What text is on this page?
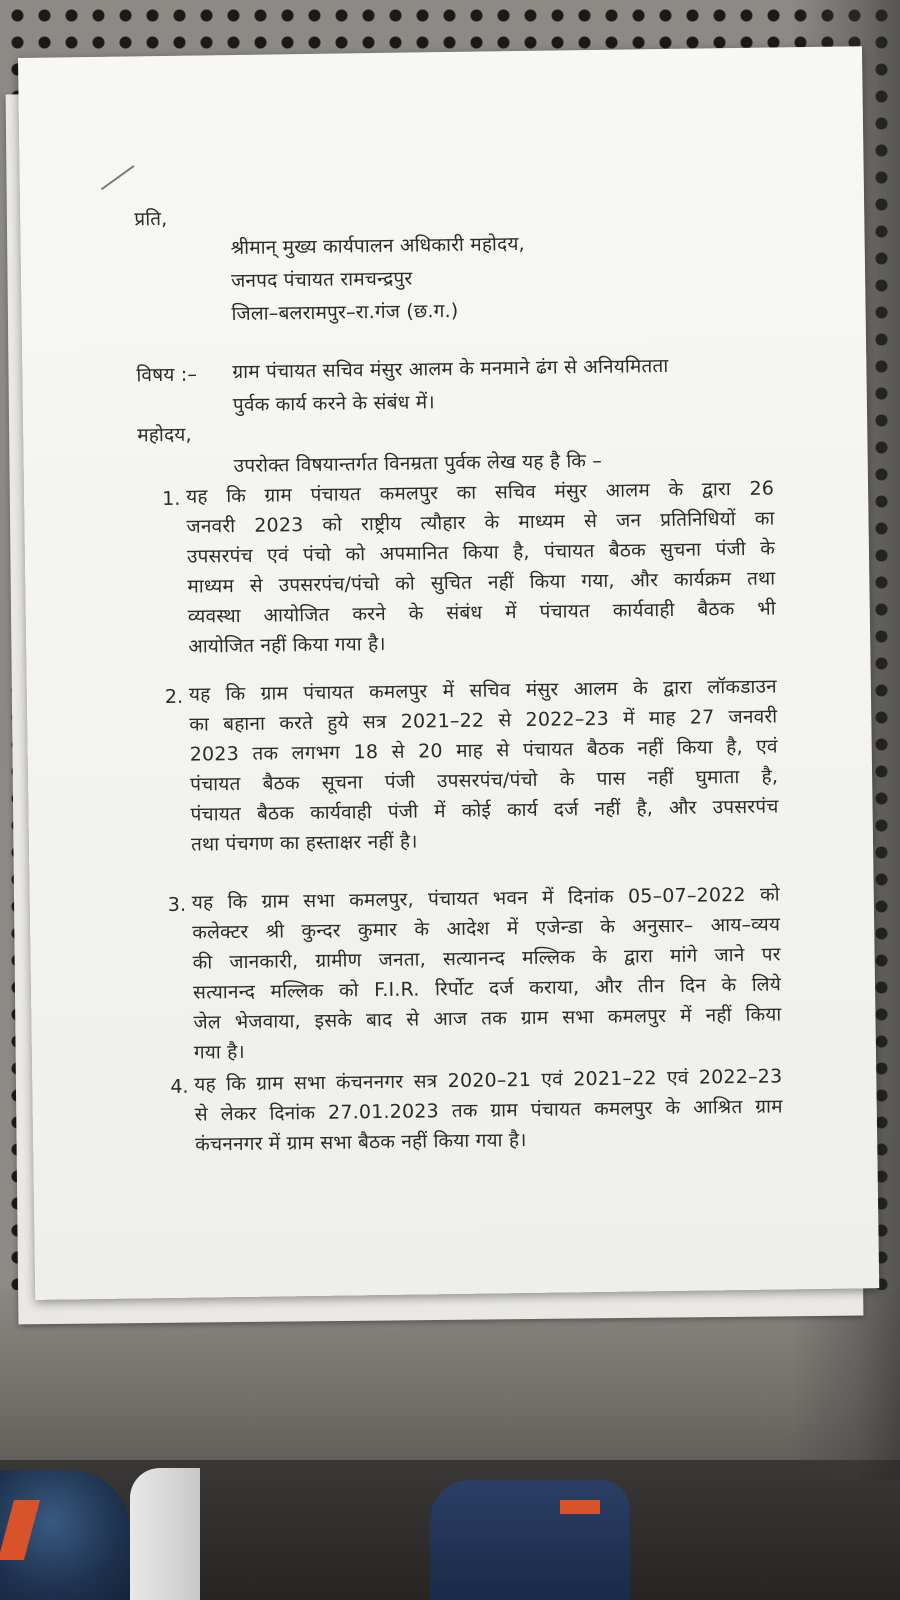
प्रति,
श्रीमान् मुख्य कार्यपालन अधिकारी महोदय,
जनपद पंचायत रामचन्द्रपुर
जिला–बलरामपुर–रा.गंज (छ.ग.)
विषय :– ग्राम पंचायत सचिव मंसुर आलम के मनमाने ढंग से अनियमितता
पुर्वक कार्य करने के संबंध में।
महोदय,
उपरोक्त विषयान्तर्गत विनम्रता पुर्वक लेख यह है कि –
1. यह कि ग्राम पंचायत कमलपुर का सचिव मंसुर आलम के द्वारा 26
जनवरी 2023 को राष्ट्रीय त्यौहार के माध्यम से जन प्रतिनिधियों का
उपसरपंच एवं पंचो को अपमानित किया है, पंचायत बैठक सुचना पंजी के
माध्यम से उपसरपंच/पंचो को सुचित नहीं किया गया, और कार्यक्रम तथा
व्यवस्था आयोजित करने के संबंध में पंचायत कार्यवाही बैठक भी
आयोजित नहीं किया गया है।
2. यह कि ग्राम पंचायत कमलपुर में सचिव मंसुर आलम के द्वारा लॉकडाउन
का बहाना करते हुये सत्र 2021–22 से 2022–23 में माह 27 जनवरी
2023 तक लगभग 18 से 20 माह से पंचायत बैठक नहीं किया है, एवं
पंचायत बैठक सूचना पंजी उपसरपंच/पंचो के पास नहीं घुमाता है,
पंचायत बैठक कार्यवाही पंजी में कोई कार्य दर्ज नहीं है, और उपसरपंच
तथा पंचगण का हस्ताक्षर नहीं है।
3. यह कि ग्राम सभा कमलपुर, पंचायत भवन में दिनांक 05–07–2022 को
कलेक्टर श्री कुन्दर कुमार के आदेश में एजेन्डा के अनुसार– आय–व्यय
की जानकारी, ग्रामीण जनता, सत्यानन्द मल्लिक के द्वारा मांगे जाने पर
सत्यानन्द मल्लिक को F.I.R. रिर्पोट दर्ज कराया, और तीन दिन के लिये
जेल भेजवाया, इसके बाद से आज तक ग्राम सभा कमलपुर में नहीं किया
गया है।
4. यह कि ग्राम सभा कंचननगर सत्र 2020–21 एवं 2021–22 एवं 2022–23
से लेकर दिनांक 27.01.2023 तक ग्राम पंचायत कमलपुर के आश्रित ग्राम
कंचननगर में ग्राम सभा बैठक नहीं किया गया है।
